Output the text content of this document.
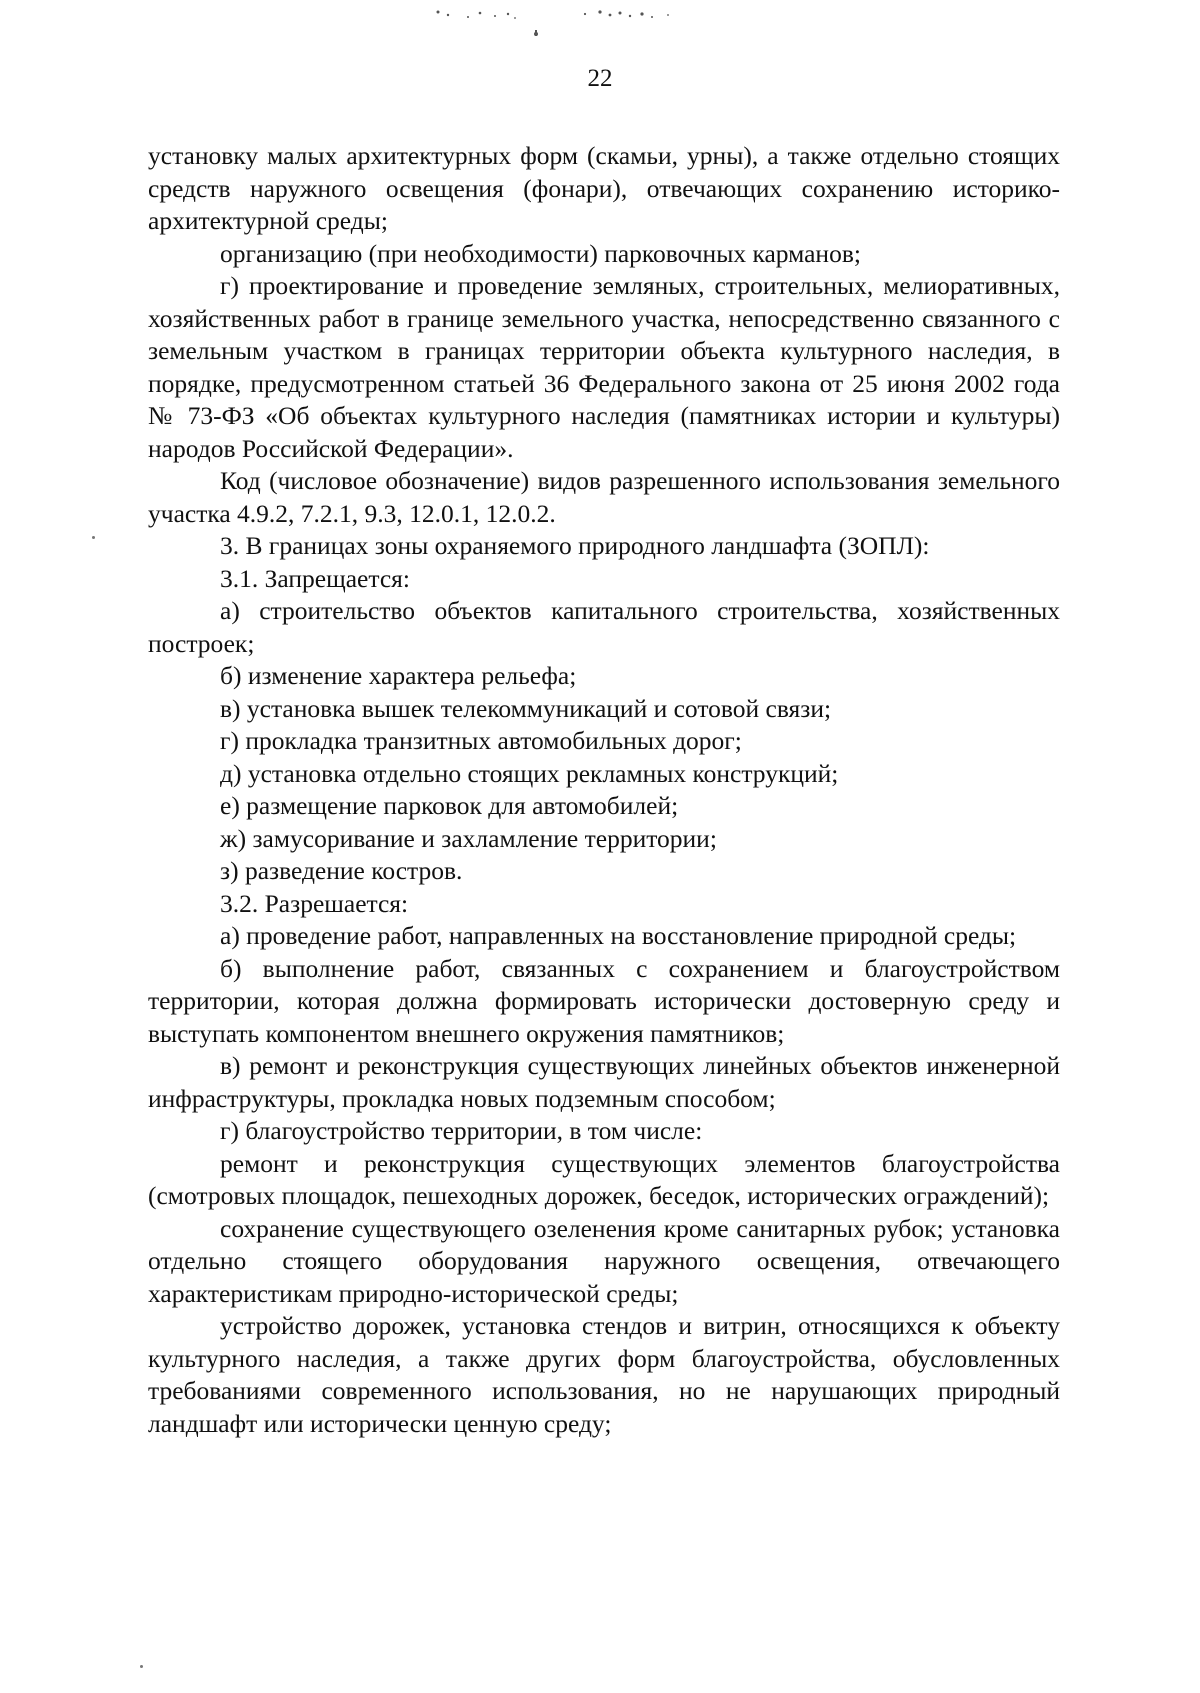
22

установку малых архитектурных форм (скамьи, урны), а также отдельно стоящих средств наружного освещения (фонари), отвечающих сохранению историко-архитектурной среды;

организацию (при необходимости) парковочных карманов;

г) проектирование и проведение земляных, строительных, мелиоративных, хозяйственных работ в границе земельного участка, непосредственно связанного с земельным участком в границах территории объекта культурного наследия, в порядке, предусмотренном статьей 36 Федерального закона от 25 июня 2002 года № 73-ФЗ «Об объектах культурного наследия (памятниках истории и культуры) народов Российской Федерации».

Код (числовое обозначение) видов разрешенного использования земельного участка 4.9.2, 7.2.1, 9.3, 12.0.1, 12.0.2.

3. В границах зоны охраняемого природного ландшафта (ЗОПЛ):

3.1. Запрещается:

а) строительство объектов капитального строительства, хозяйственных построек;

б) изменение характера рельефа;

в) установка вышек телекоммуникаций и сотовой связи;

г) прокладка транзитных автомобильных дорог;

д) установка отдельно стоящих рекламных конструкций;

е) размещение парковок для автомобилей;

ж) замусоривание и захламление территории;

з) разведение костров.

3.2. Разрешается:

а) проведение работ, направленных на восстановление природной среды;

б) выполнение работ, связанных с сохранением и благоустройством территории, которая должна формировать исторически достоверную среду и выступать компонентом внешнего окружения памятников;

в) ремонт и реконструкция существующих линейных объектов инженерной инфраструктуры, прокладка новых подземным способом;

г) благоустройство территории, в том числе:

ремонт и реконструкция существующих элементов благоустройства (смотровых площадок, пешеходных дорожек, беседок, исторических ограждений);

сохранение существующего озеленения кроме санитарных рубок; установка отдельно стоящего оборудования наружного освещения, отвечающего характеристикам природно-исторической среды;

устройство дорожек, установка стендов и витрин, относящихся к объекту культурного наследия, а также других форм благоустройства, обусловленных требованиями современного использования, но не нарушающих природный ландшафт или исторически ценную среду;
